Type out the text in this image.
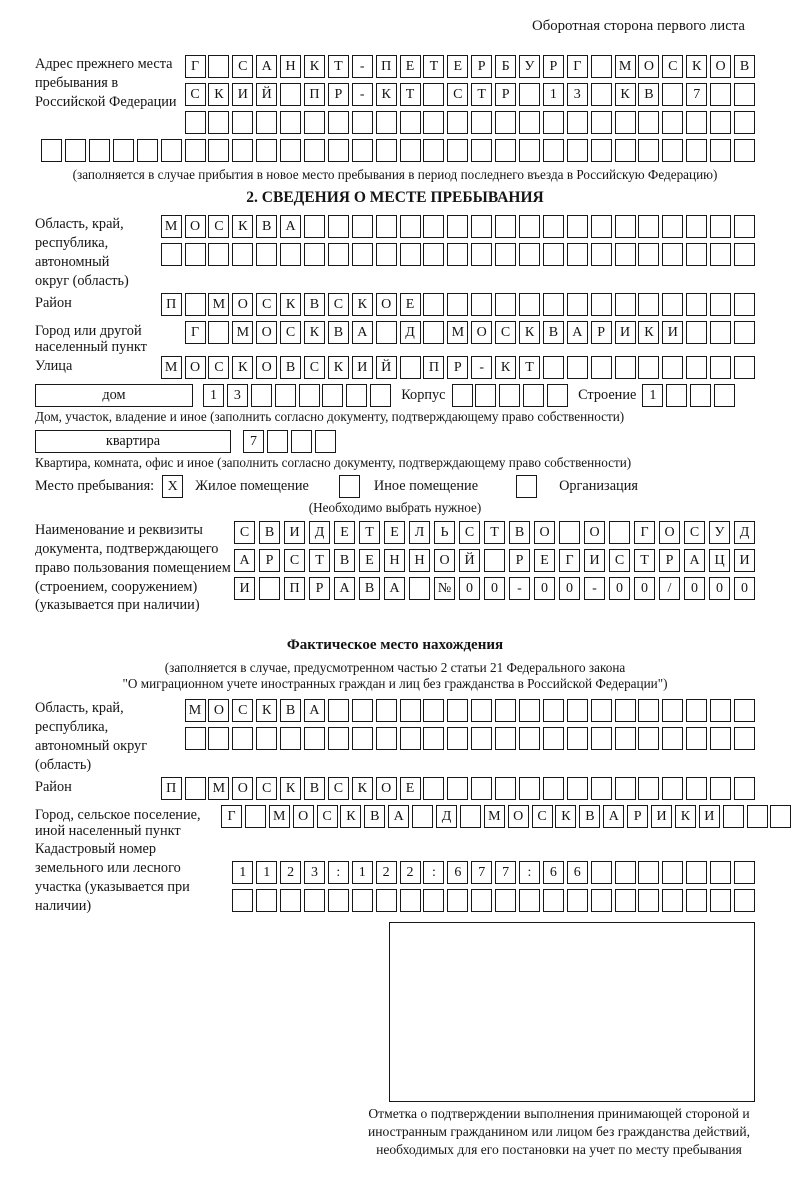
Оборотная сторона первого листа
Адрес прежнего места пребывания в Российской Федерации
Г	С	А Н	К	Т	-	П	Е	Т	Е	Р	Б	У	Р	Г	М О	С	К	О	В
С	К	И Й	П	Р	-	К	Т	С	Т	Р	1	3	К	В	7
(заполняется в случае прибытия в новое место пребывания в период последнего въезда в Российскую Федерацию)
2. СВЕДЕНИЯ О МЕСТЕ ПРЕБЫВАНИЯ
Область, край, республика, автономный округ (область)
М О	С	К	В	А
Район	П	М О	С	К	В	С	К	О	Е
Город или другой населенный пункт
Г	М О	С	К	В	А	Д	М О	С	К	В	А	Р	И	К	И
Улица	М О	С	К	О	В	С	К	И Й	П	Р	-	К	Т
дом	1	3	Корпус	Строение 1
Дом, участок, владение и иное (заполнить согласно документу, подтверждающему право собственности)
квартира	7
Квартира, комната, офис и иное (заполнить согласно документу, подтверждающему право собственности)
Место пребывания: X	Жилое помещение	Иное помещение	Организация
(Необходимо выбрать нужное)
Наименование и реквизиты документа, подтверждающего право пользования помещением (строением, сооружением) (указывается при наличии)
С	В	И	Д	Е	Т	Е	Л	Ь	С	Т	В	О	О	Г	О	С	У	Д
А	Р	С	Т	В	Е	Н	Н	О	Й	Р	Е	Г	И	С	Т	Р	А	Ц	И
И	П	Р	А	В	А	№	0	0	-	0	0	-	0	0	/	0	0	0
Фактическое место нахождения
(заполняется в случае, предусмотренном частью 2 статьи 21 Федерального закона
"О миграционном учете иностранных граждан и лиц без гражданства в Российской Федерации")
Область, край, республика, автономный округ (область)
М О	С	К	В	А
Район	П	М О	С	К	В	С	К	О	Е
Город, сельское поселение, иной населенный пункт
Г	М О	С	К	В	А	Д	М О	С	К	В	А	Р	И	К	И
Кадастровый номер земельного или лесного участка (указывается при наличии)
1	1	2	3	:	1	2	2	:	6	7	7	:	6	6
Отметка о подтверждении выполнения принимающей стороной и иностранным гражданином или лицом без гражданства действий, необходимых для его постановки на учет по месту пребывания
